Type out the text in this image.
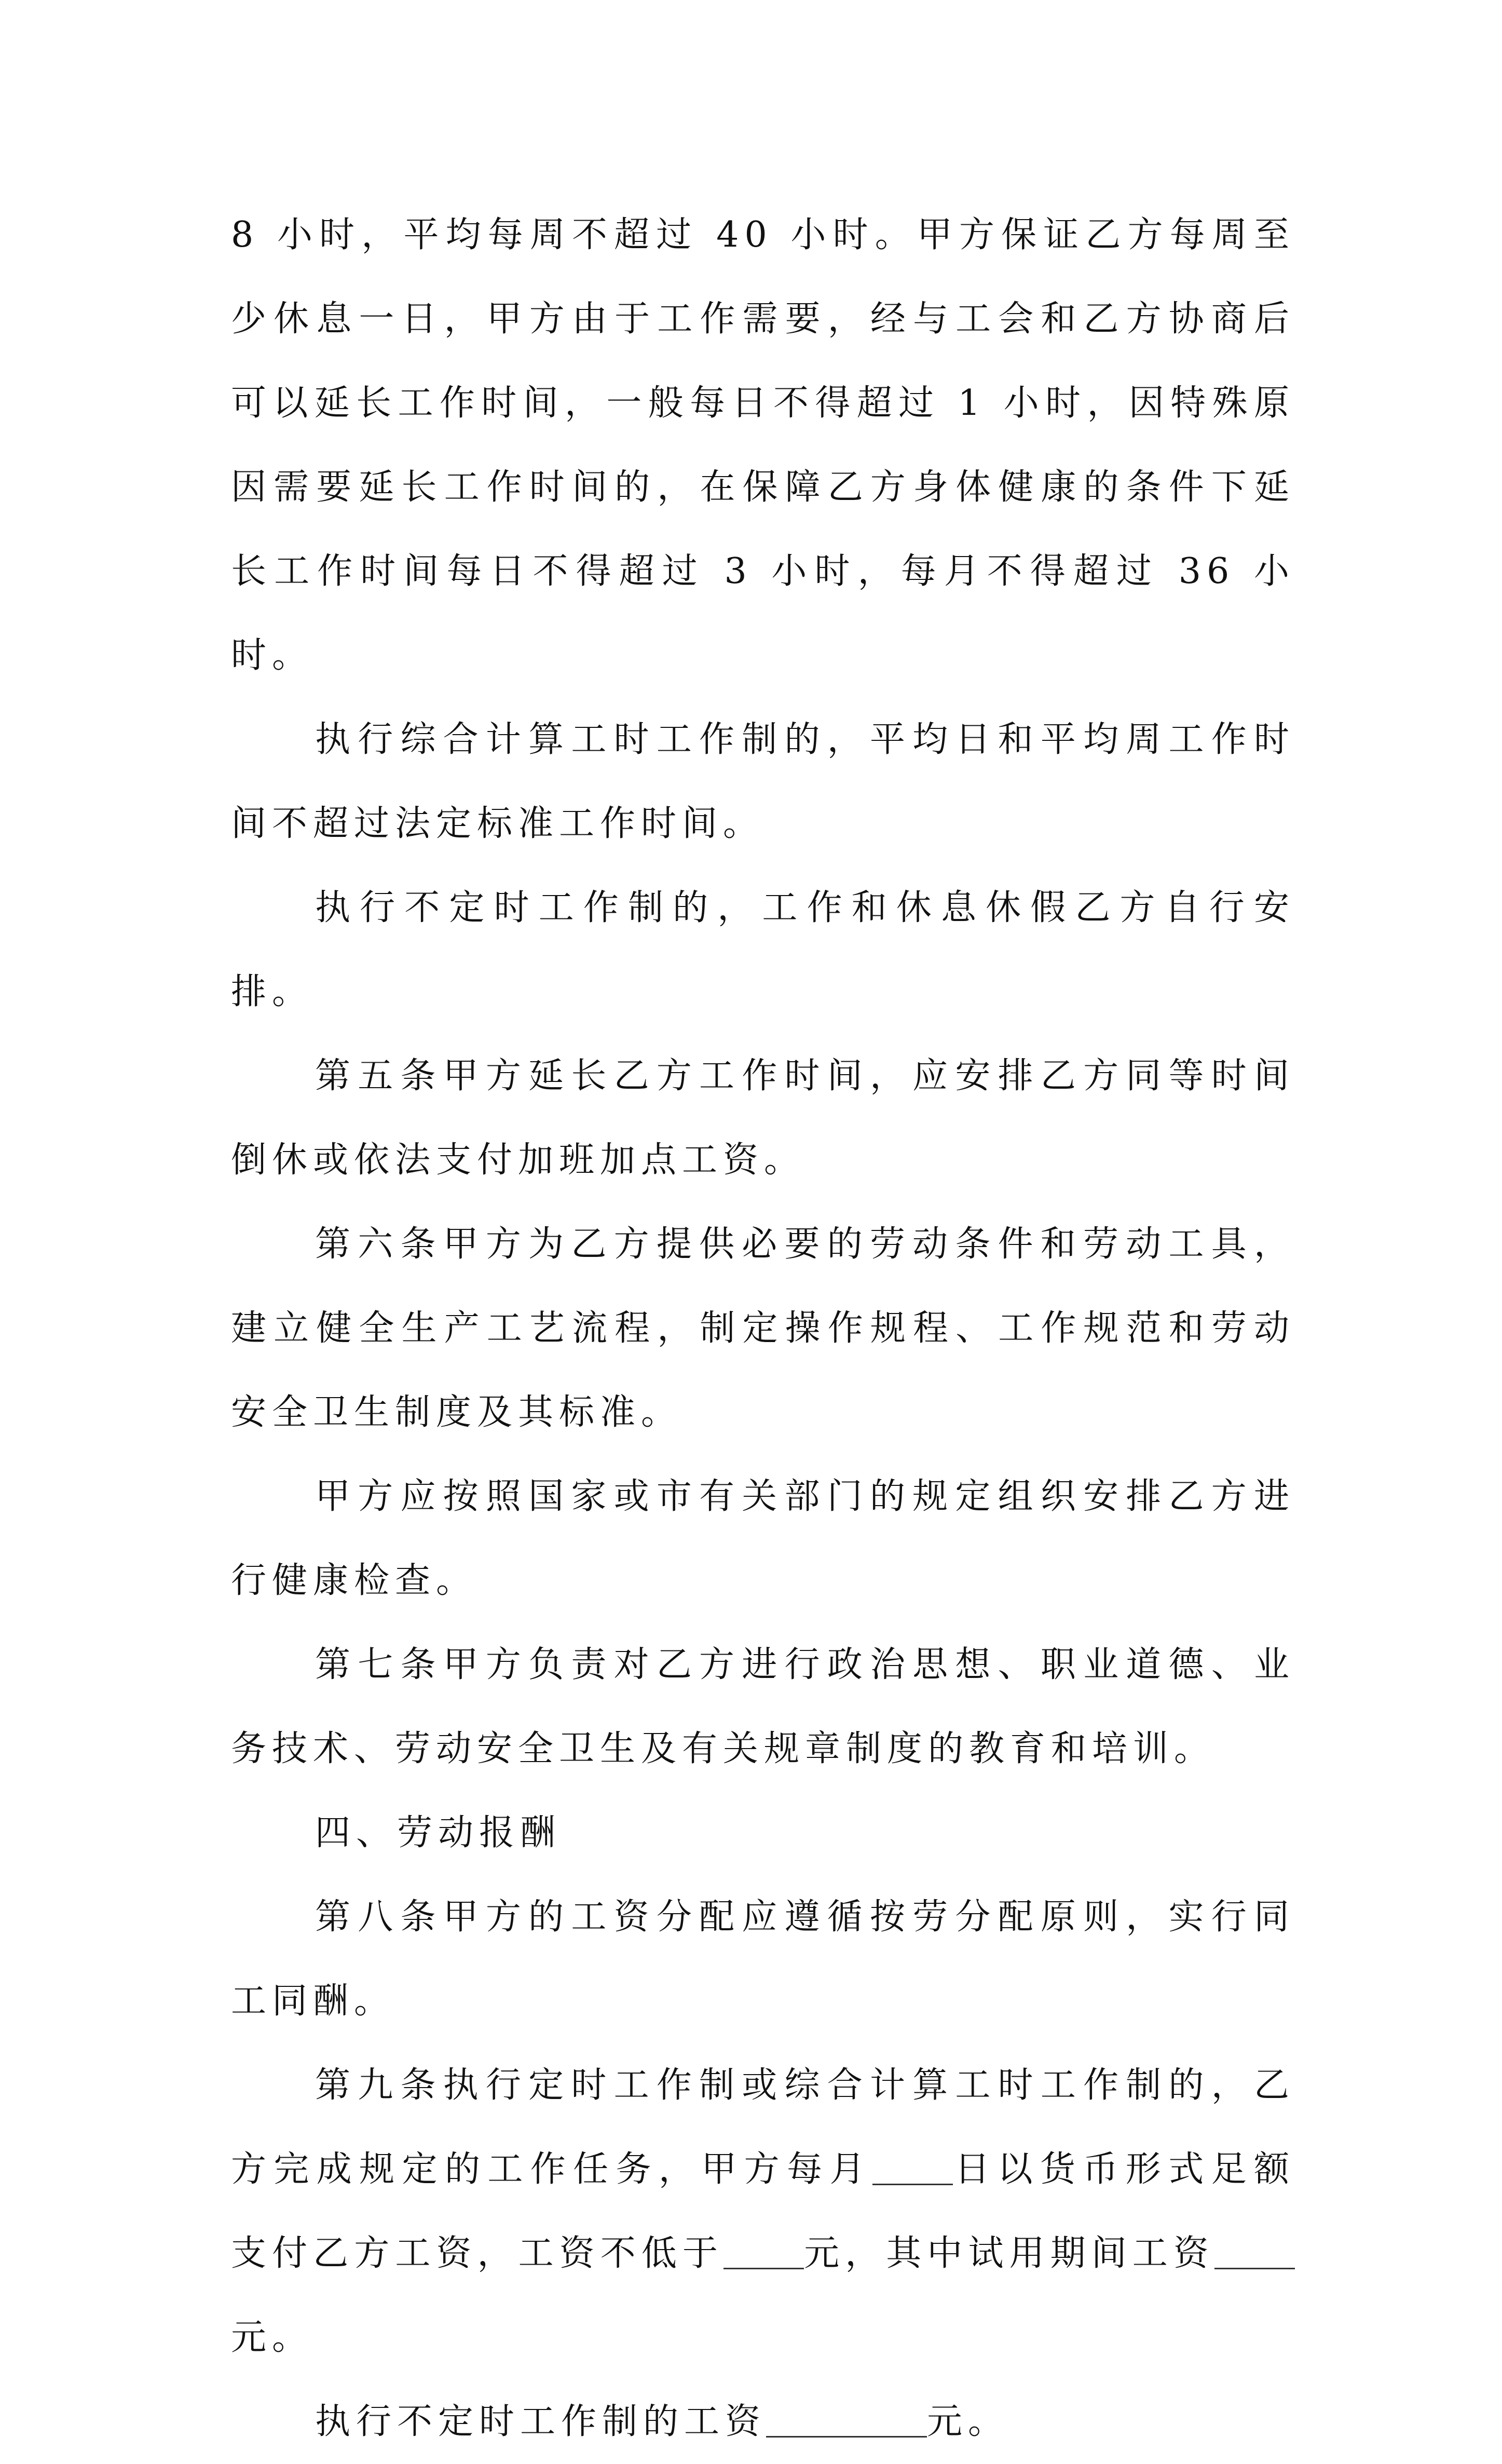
8 小时，平均每周不超过 40 小时。甲方保证乙方每周至少休息一日，甲方由于工作需要，经与工会和乙方协商后可以延长工作时间，一般每日不得超过 1 小时，因特殊原因需要延长工作时间的，在保障乙方身体健康的条件下延长工作时间每日不得超过 3 小时，每月不得超过 36 小时。

执行综合计算工时工作制的，平均日和平均周工作时间不超过法定标准工作时间。

执行不定时工作制的，工作和休息休假乙方自行安排。

第五条甲方延长乙方工作时间，应安排乙方同等时间倒休或依法支付加班加点工资。

第六条甲方为乙方提供必要的劳动条件和劳动工具，建立健全生产工艺流程，制定操作规程、工作规范和劳动安全卫生制度及其标准。

甲方应按照国家或市有关部门的规定组织安排乙方进行健康检查。

第七条甲方负责对乙方进行政治思想、职业道德、业务技术、劳动安全卫生及有关规章制度的教育和培训。

四、劳动报酬

第八条甲方的工资分配应遵循按劳分配原则，实行同工同酬。

第九条执行定时工作制或综合计算工时工作制的，乙方完成规定的工作任务，甲方每月 日以货币形式足额支付乙方工资，工资不低于 元，其中试用期间工资元。

执行不定时工作制的工资	元。
